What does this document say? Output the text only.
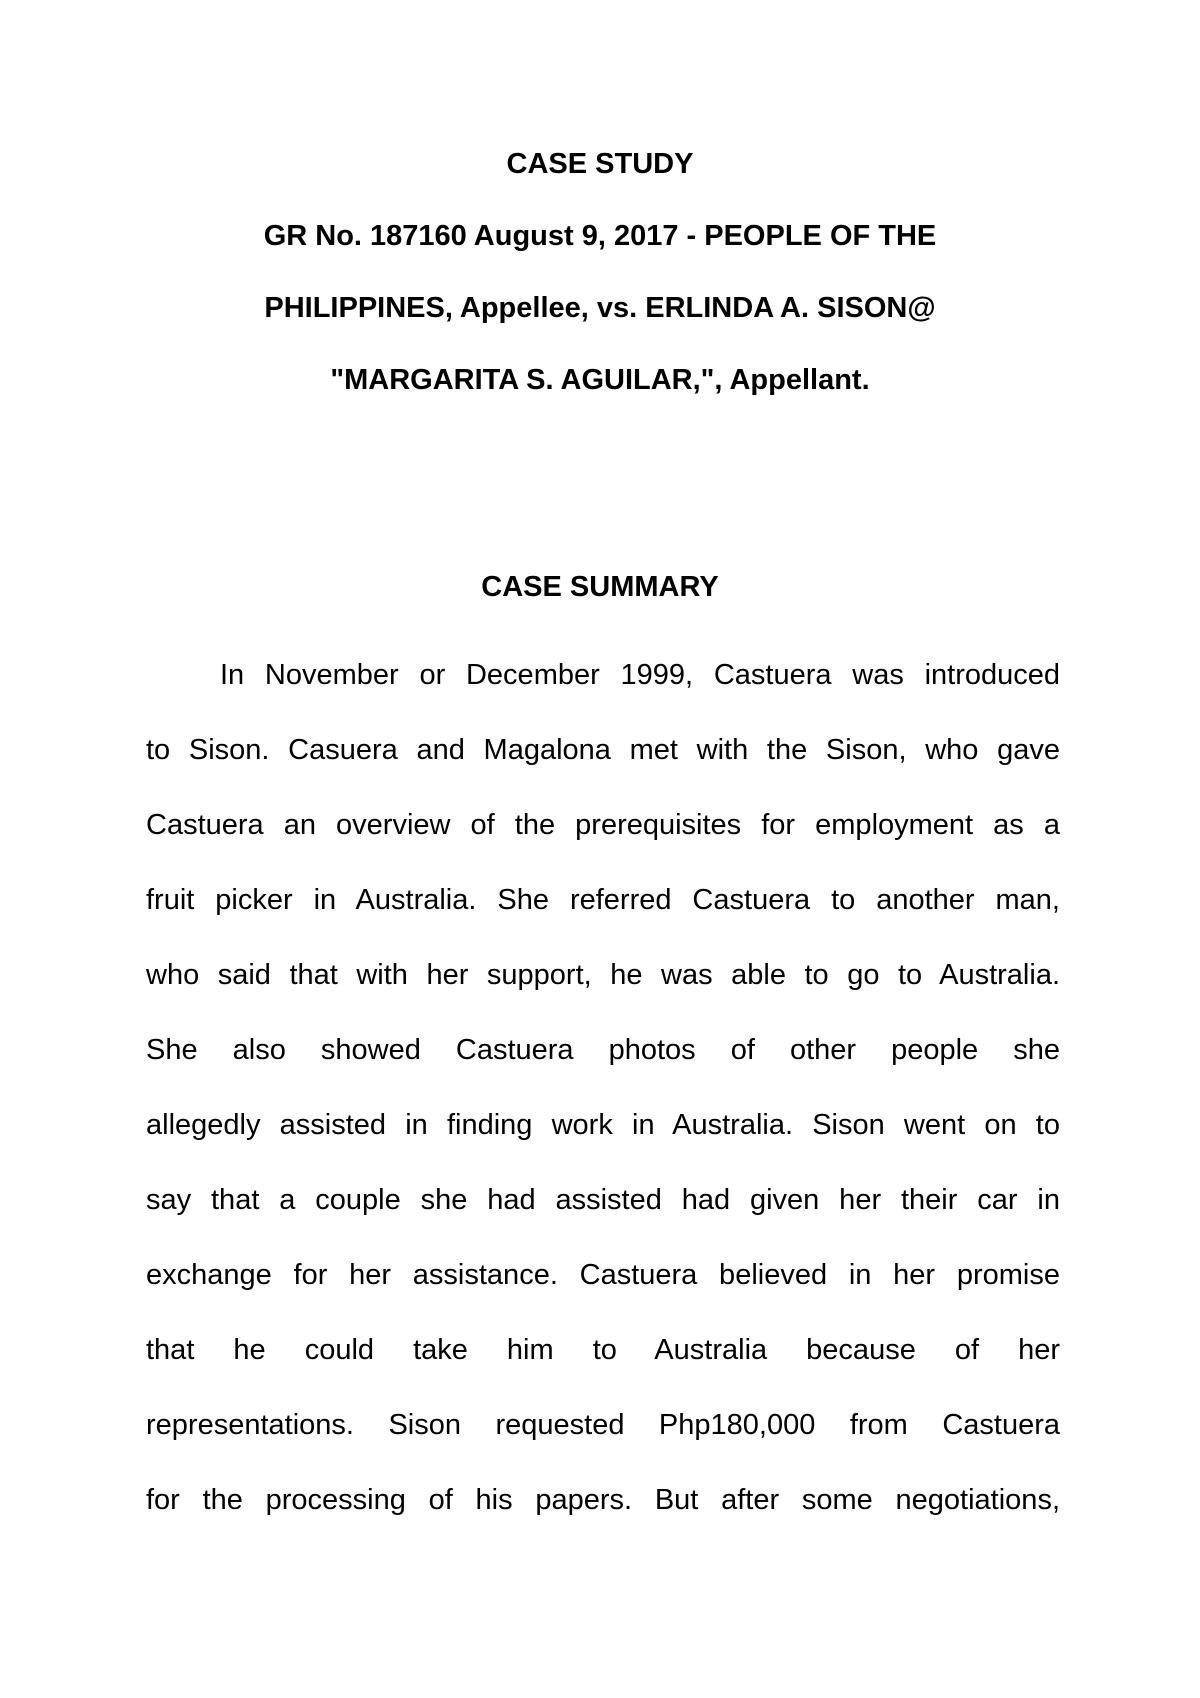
CASE STUDY
GR No. 187160 August 9, 2017 - PEOPLE OF THE
PHILIPPINES, Appellee, vs. ERLINDA A. SISON@
"MARGARITA S. AGUILAR,", Appellant.
CASE SUMMARY
In November or December 1999, Castuera was introduced
to Sison. Casuera and Magalona met with the Sison, who gave
Castuera an overview of the prerequisites for employment as a
fruit picker in Australia. She referred Castuera to another man,
who said that with her support, he was able to go to Australia.
She also showed Castuera photos of other people she
allegedly assisted in finding work in Australia. Sison went on to
say that a couple she had assisted had given her their car in
exchange for her assistance. Castuera believed in her promise
that he could take him to Australia because of her
representations. Sison requested Php180,000 from Castuera
for the processing of his papers. But after some negotiations,
